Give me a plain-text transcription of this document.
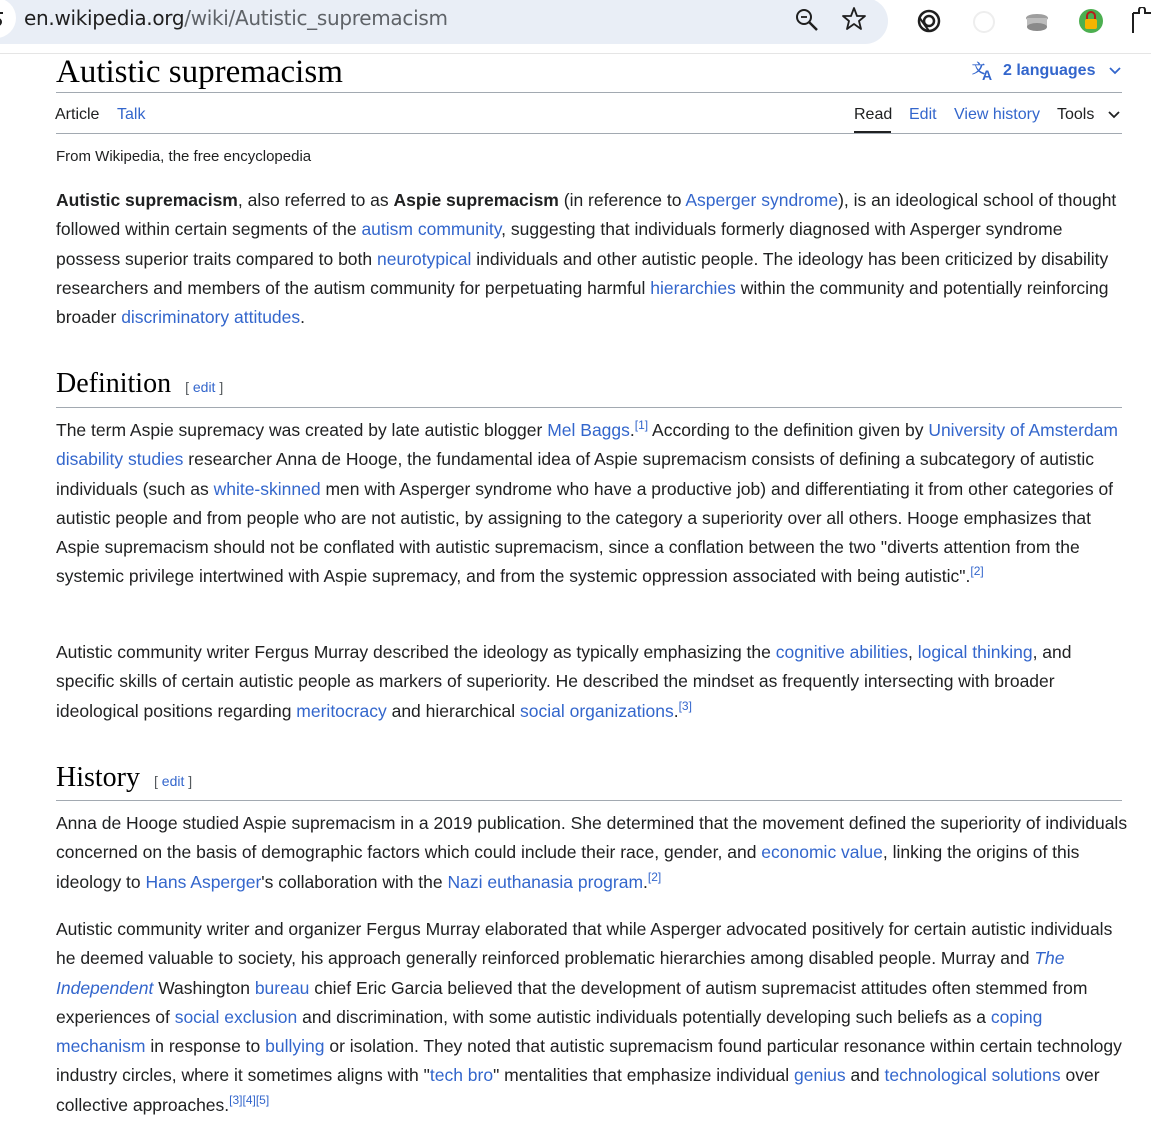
en.wikipedia.org/wiki/Autistic_supremacism
Autistic supremacism	文
A 2 languages
Article Talk	Read Edit View history Tools
From Wikipedia, the free encyclopedia

Autistic supremacism, also referred to as Aspie supremacism (in reference to Asperger syndrome), is an ideological school of thought followed within certain segments of the autism community, suggesting that individuals formerly diagnosed with Asperger syndrome possess superior traits compared to both neurotypical individuals and other autistic people. The ideology has been criticized by disability researchers and members of the autism community for perpetuating harmful hierarchies within the community and potentially reinforcing broader discriminatory attitudes.

Definition [ edit ]

The term Aspie supremacy was created by late autistic blogger Mel Baggs.[1] According to the definition given by University of Amsterdam disability studies researcher Anna de Hooge, the fundamental idea of Aspie supremacism consists of defining a subcategory of autistic individuals (such as white-skinned men with Asperger syndrome who have a productive job) and differentiating it from other categories of autistic people and from people who are not autistic, by assigning to the category a superiority over all others. Hooge emphasizes that Aspie supremacism should not be conflated with autistic supremacism, since a conflation between the two "diverts attention from the systemic privilege intertwined with Aspie supremacy, and from the systemic oppression associated with being autistic".[2]

Autistic community writer Fergus Murray described the ideology as typically emphasizing the cognitive abilities, logical thinking, and specific skills of certain autistic people as markers of superiority. He described the mindset as frequently intersecting with broader ideological positions regarding meritocracy and hierarchical social organizations.[3]

History [ edit ]

Anna de Hooge studied Aspie supremacism in a 2019 publication. She determined that the movement defined the superiority of individuals concerned on the basis of demographic factors which could include their race, gender, and economic value, linking the origins of this ideology to Hans Asperger's collaboration with the Nazi euthanasia program.[2]

Autistic community writer and organizer Fergus Murray elaborated that while Asperger advocated positively for certain autistic individuals he deemed valuable to society, his approach generally reinforced problematic hierarchies among disabled people. Murray and The Independent Washington bureau chief Eric Garcia believed that the development of autism supremacist attitudes often stemmed from experiences of social exclusion and discrimination, with some autistic individuals potentially developing such beliefs as a coping mechanism in response to bullying or isolation. They noted that autistic supremacism found particular resonance within certain technology industry circles, where it sometimes aligns with "tech bro" mentalities that emphasize individual genius and technological solutions over collective approaches.[3][4][5]
